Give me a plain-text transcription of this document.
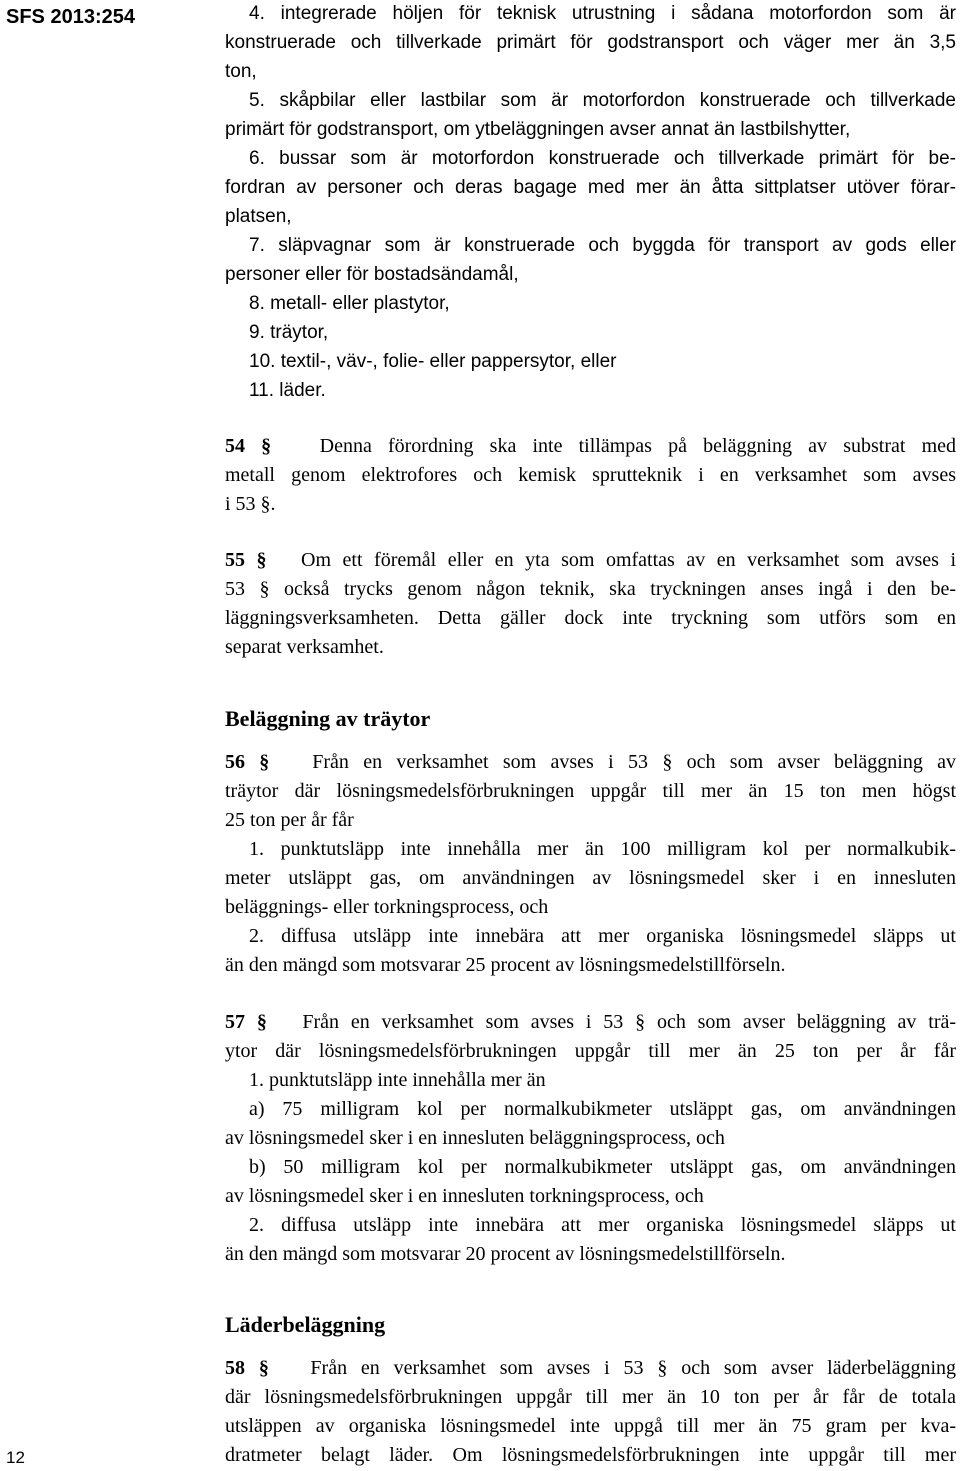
SFS 2013:254
12
4. integrerade höljen för teknisk utrustning i sådana motorfordon som är
konstruerade och tillverkade primärt för godstransport och väger mer än 3,5
ton,
5. skåpbilar eller lastbilar som är motorfordon konstruerade och tillverkade
primärt för godstransport, om ytbeläggningen avser annat än lastbilshytter,
6. bussar som är motorfordon konstruerade och tillverkade primärt för be-
fordran av personer och deras bagage med mer än åtta sittplatser utöver förar-
platsen,
7. släpvagnar som är konstruerade och byggda för transport av gods eller
personer eller för bostadsändamål,
8. metall- eller plastytor,
9. träytor,
10. textil-, väv-, folie- eller pappersytor, eller
11. läder.
54 § Denna förordning ska inte tillämpas på beläggning av substrat med
metall genom elektrofores och kemisk sprutteknik i en verksamhet som avses
i 53 §.
55 § Om ett föremål eller en yta som omfattas av en verksamhet som avses i
53 § också trycks genom någon teknik, ska tryckningen anses ingå i den be-
läggningsverksamheten. Detta gäller dock inte tryckning som utförs som en
separat verksamhet.
Beläggning av träytor
56 § Från en verksamhet som avses i 53 § och som avser beläggning av
träytor där lösningsmedelsförbrukningen uppgår till mer än 15 ton men högst
25 ton per år får
1. punktutsläpp inte innehålla mer än 100 milligram kol per normalkubik-
meter utsläppt gas, om användningen av lösningsmedel sker i en innesluten
beläggnings- eller torkningsprocess, och
2. diffusa utsläpp inte innebära att mer organiska lösningsmedel släpps ut
än den mängd som motsvarar 25 procent av lösningsmedelstillförseln.
57 § Från en verksamhet som avses i 53 § och som avser beläggning av trä-
ytor där lösningsmedelsförbrukningen uppgår till mer än 25 ton per år får
1. punktutsläpp inte innehålla mer än
a) 75 milligram kol per normalkubikmeter utsläppt gas, om användningen
av lösningsmedel sker i en innesluten beläggningsprocess, och
b) 50 milligram kol per normalkubikmeter utsläppt gas, om användningen
av lösningsmedel sker i en innesluten torkningsprocess, och
2. diffusa utsläpp inte innebära att mer organiska lösningsmedel släpps ut
än den mängd som motsvarar 20 procent av lösningsmedelstillförseln.
Läderbeläggning
58 § Från en verksamhet som avses i 53 § och som avser läderbeläggning
där lösningsmedelsförbrukningen uppgår till mer än 10 ton per år får de totala
utsläppen av organiska lösningsmedel inte uppgå till mer än 75 gram per kva-
dratmeter belagt läder. Om lösningsmedelsförbrukningen inte uppgår till mer
